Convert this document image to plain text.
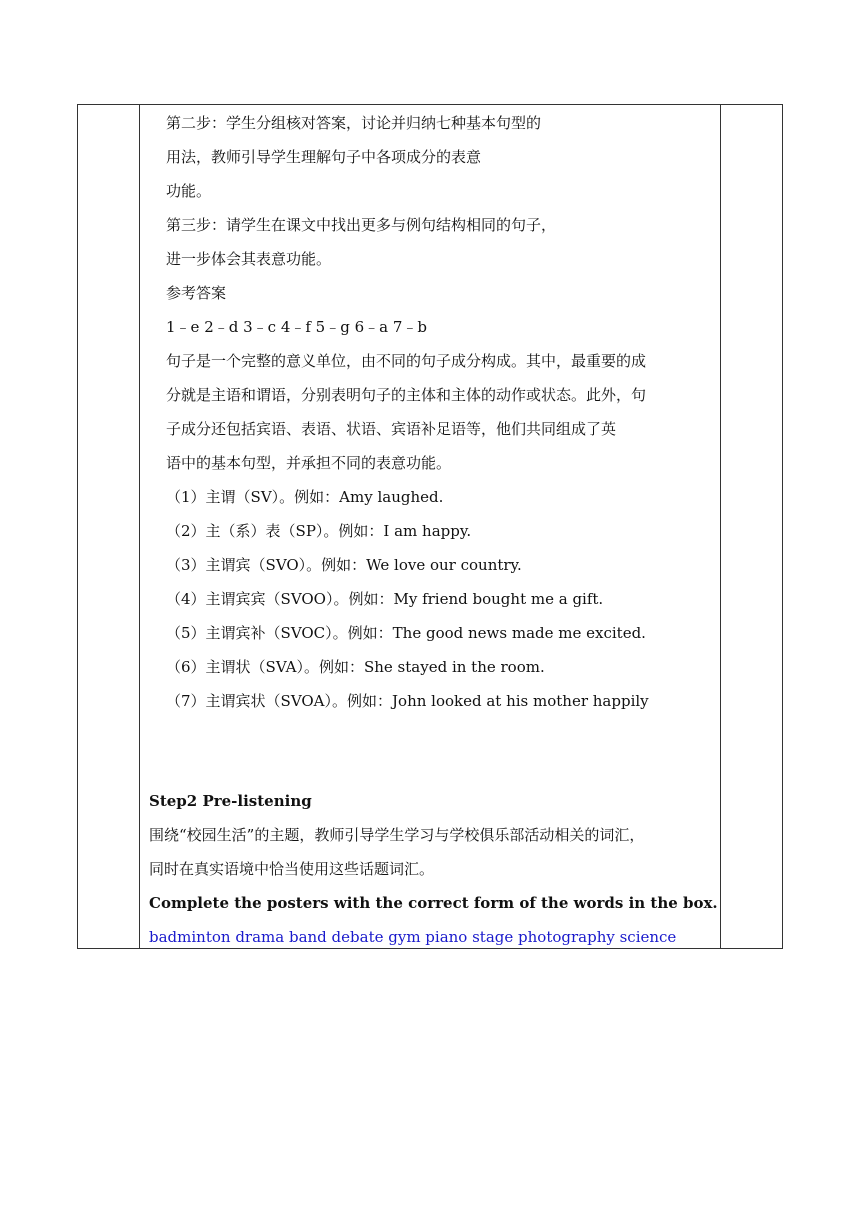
第二步：学生分组核对答案，讨论并归纳七种基本句型的
用法，教师引导学生理解句子中各项成分的表意
功能。
第三步：请学生在课文中找出更多与例句结构相同的句子，
进一步体会其表意功能。
参考答案
1﹣e 2﹣d 3﹣c 4﹣f 5﹣g 6﹣a 7﹣b
句子是一个完整的意义单位，由不同的句子成分构成。其中，最重要的成
分就是主语和谓语，分别表明句子的主体和主体的动作或状态。此外，句
子成分还包括宾语、表语、状语、宾语补足语等，他们共同组成了英
语中的基本句型，并承担不同的表意功能。
（1）主谓（SV）。例如：Amy laughed.
（2）主（系）表（SP）。例如：I am happy.
（3）主谓宾（SVO）。例如：We love our country.
（4）主谓宾宾（SVOO）。例如：My friend bought me a gift.
（5）主谓宾补（SVOC）。例如：The good news made me excited.
（6）主谓状（SVA）。例如：She stayed in the room.
（7）主谓宾状（SVOA）。例如：John looked at his mother happily
Step2 Pre-listening
围绕“校园生活”的主题，教师引导学生学习与学校俱乐部活动相关的词汇，
同时在真实语境中恰当使用这些话题词汇。
Complete the posters with the correct form of the words in the box.
badminton drama band debate gym piano stage photography science
